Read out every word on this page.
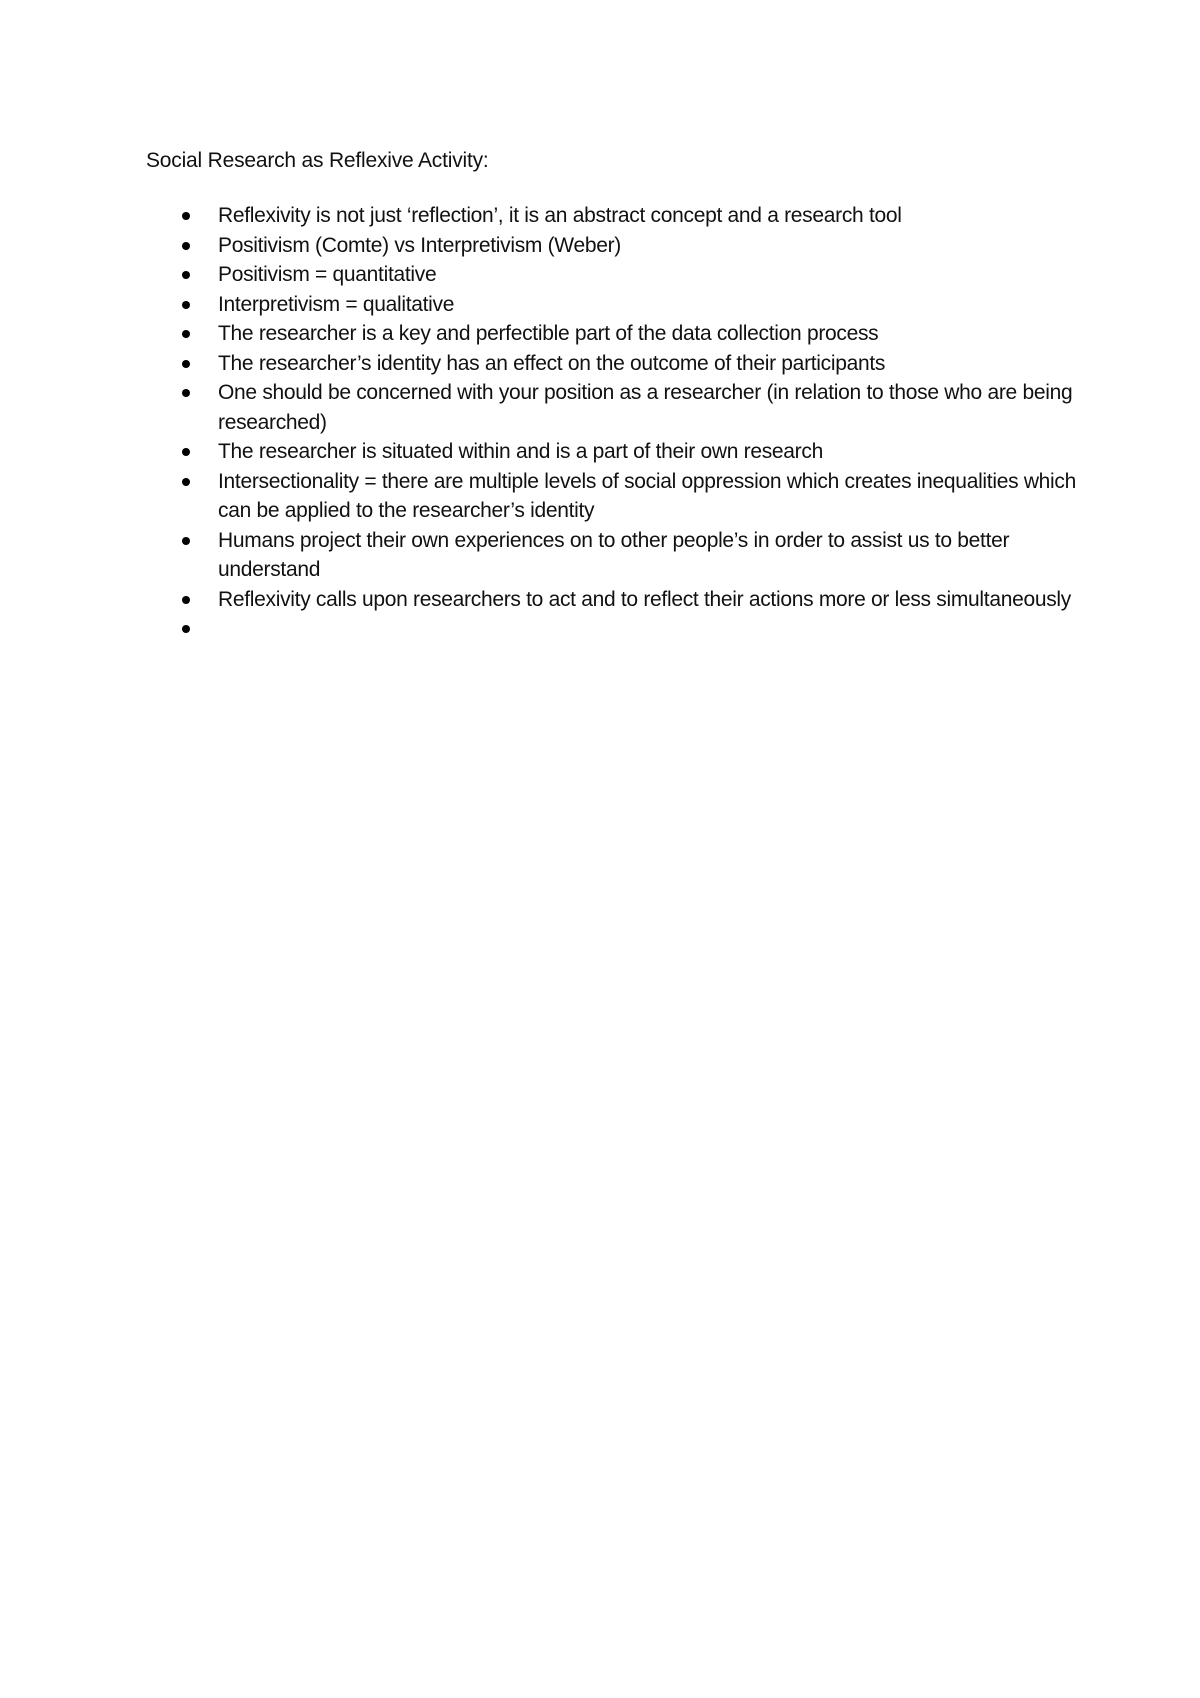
Social Research as Reflexive Activity:

Reflexivity is not just ‘reflection’, it is an abstract concept and a research tool
Positivism (Comte) vs Interpretivism (Weber)
Positivism = quantitative
Interpretivism = qualitative
The researcher is a key and perfectible part of the data collection process
The researcher’s identity has an effect on the outcome of their participants
One should be concerned with your position as a researcher (in relation to those who are being researched)
The researcher is situated within and is a part of their own research
Intersectionality = there are multiple levels of social oppression which creates inequalities which can be applied to the researcher’s identity
Humans project their own experiences on to other people’s in order to assist us to better understand
Reflexivity calls upon researchers to act and to reflect their actions more or less simultaneously
